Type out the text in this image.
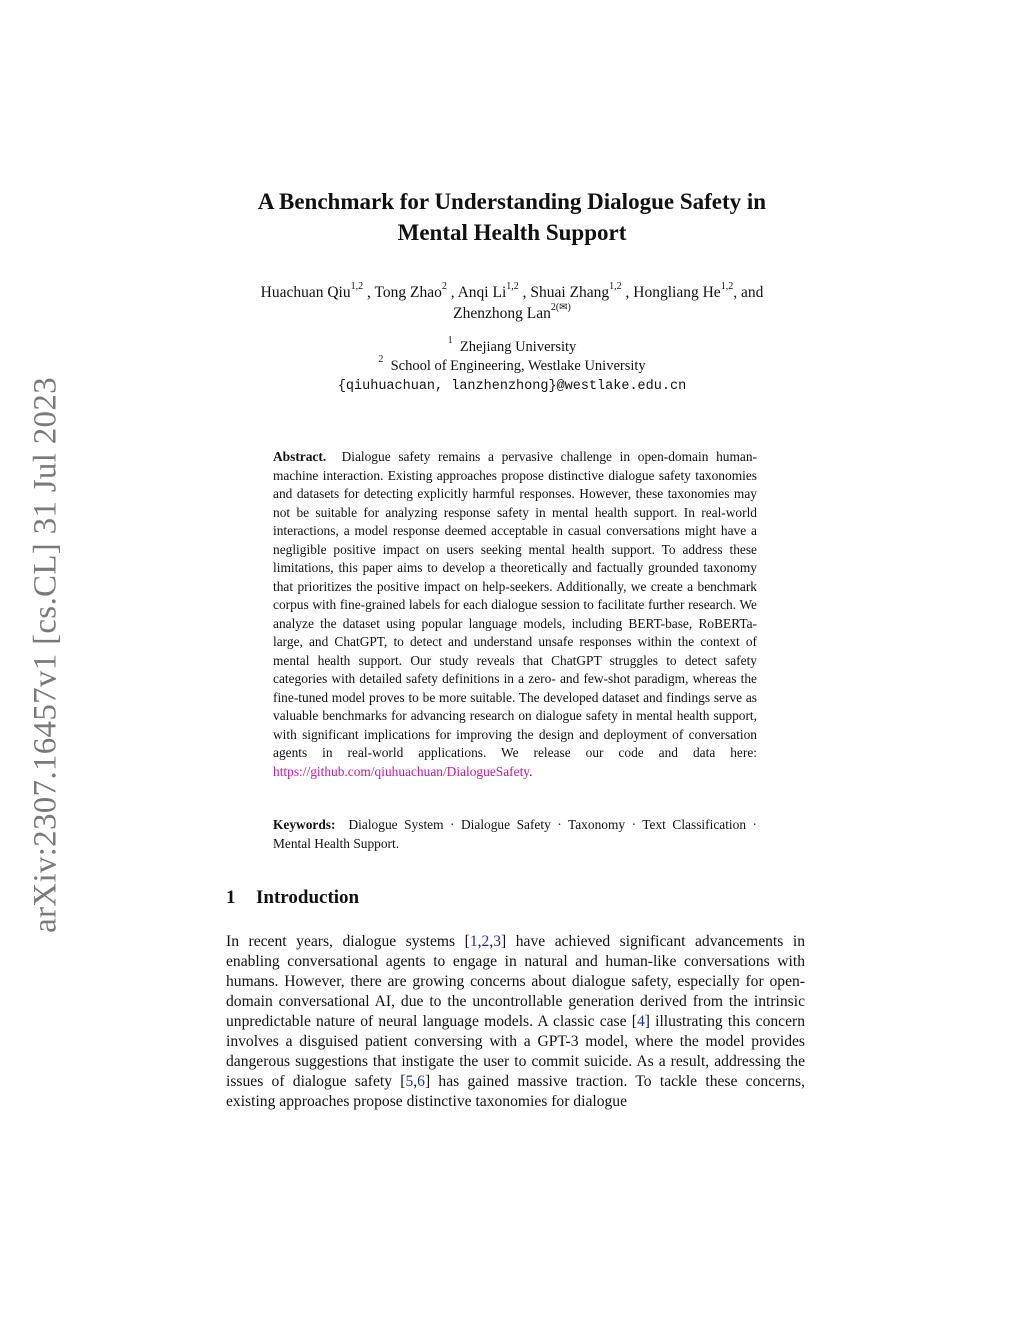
arXiv:2307.16457v1 [cs.CL] 31 Jul 2023
A Benchmark for Understanding Dialogue Safety in
Mental Health Support
Huachuan Qiu$^{1,2}$ , Tong Zhao$^2$ , Anqi Li$^{1,2}$ , Shuai Zhang$^{1,2}$ , Hongliang He$^{1,2}$, and
Zhenzhong Lan$^{2(✉)}$
$^1$ Zhejiang University
$^2$ School of Engineering, Westlake University
{qiuhuachuan, lanzhenzhong}@westlake.edu.cn
Abstract. Dialogue safety remains a pervasive challenge in open-domain human-machine interaction. Existing approaches propose distinctive dialogue safety taxonomies and datasets for detecting explicitly harmful responses. However, these taxonomies may not be suitable for analyzing response safety in mental health support. In real-world interactions, a model response deemed acceptable in casual conversations might have a negligible positive impact on users seeking mental health support. To address these limitations, this paper aims to develop a theoretically and factually grounded taxonomy that prioritizes the positive impact on help-seekers. Additionally, we create a benchmark corpus with fine-grained labels for each dialogue session to facilitate further research. We analyze the dataset using popular language models, including BERT-base, RoBERTa-large, and ChatGPT, to detect and understand unsafe responses within the context of mental health support. Our study reveals that ChatGPT struggles to detect safety categories with detailed safety definitions in a zero- and few-shot paradigm, whereas the fine-tuned model proves to be more suitable. The developed dataset and findings serve as valuable benchmarks for advancing research on dialogue safety in mental health support, with significant implications for improving the design and deployment of conversation agents in real-world applications. We release our code and data here: https://github.com/qiuhuachuan/DialogueSafety.
Keywords: Dialogue System · Dialogue Safety · Taxonomy · Text Classification · Mental Health Support.
1 Introduction
In recent years, dialogue systems [1,2,3] have achieved significant advancements in enabling conversational agents to engage in natural and human-like conversations with humans. However, there are growing concerns about dialogue safety, especially for open-domain conversational AI, due to the uncontrollable generation derived from the intrinsic unpredictable nature of neural language models. A classic case [4] illustrating this concern involves a disguised patient conversing with a GPT-3 model, where the model provides dangerous suggestions that instigate the user to commit suicide. As a result, addressing the issues of dialogue safety [5,6] has gained massive traction. To tackle these concerns, existing approaches propose distinctive taxonomies for dialogue
